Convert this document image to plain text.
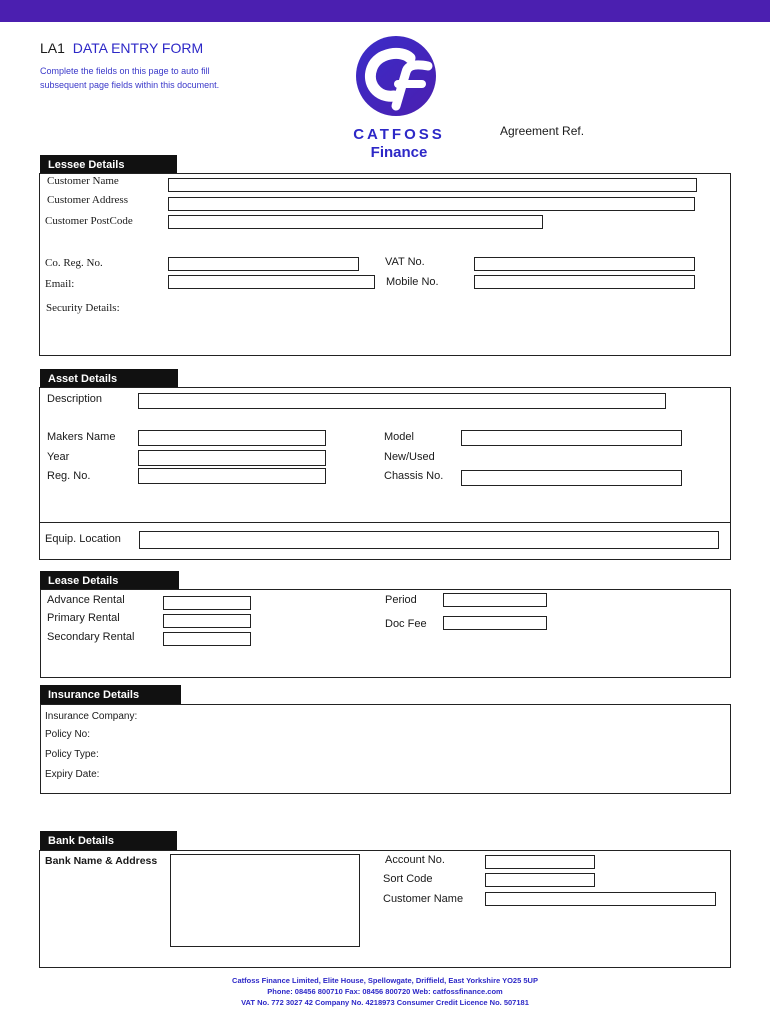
LA1 DATA ENTRY FORM
Complete the fields on this page to auto fill
subsequent page fields within this document.
CATFOSS
Finance
Agreement Ref.
Lessee Details
Customer Name
Customer Address
Customer PostCode
Co. Reg. No.
Email:
VAT No.
Mobile No.
Security Details:
Asset Details
Description
Makers Name
Year
Reg. No.
Model
New/Used
Chassis No.
Equip. Location
Lease Details
Advance Rental
Primary Rental
Secondary Rental
Period
Doc Fee
Insurance Details
Insurance Company:
Policy No:
Policy Type:
Expiry Date:
Bank Details
Bank Name & Address	Account No.
Sort Code
Customer Name
Catfoss Finance Limited, Elite House, Spellowgate, Driffield, East Yorkshire YO25 5UP
Phone: 08456 800710 Fax: 08456 800720 Web: catfossfinance.com
VAT No. 772 3027 42 Company No. 4218973 Consumer Credit Licence No. 507181
